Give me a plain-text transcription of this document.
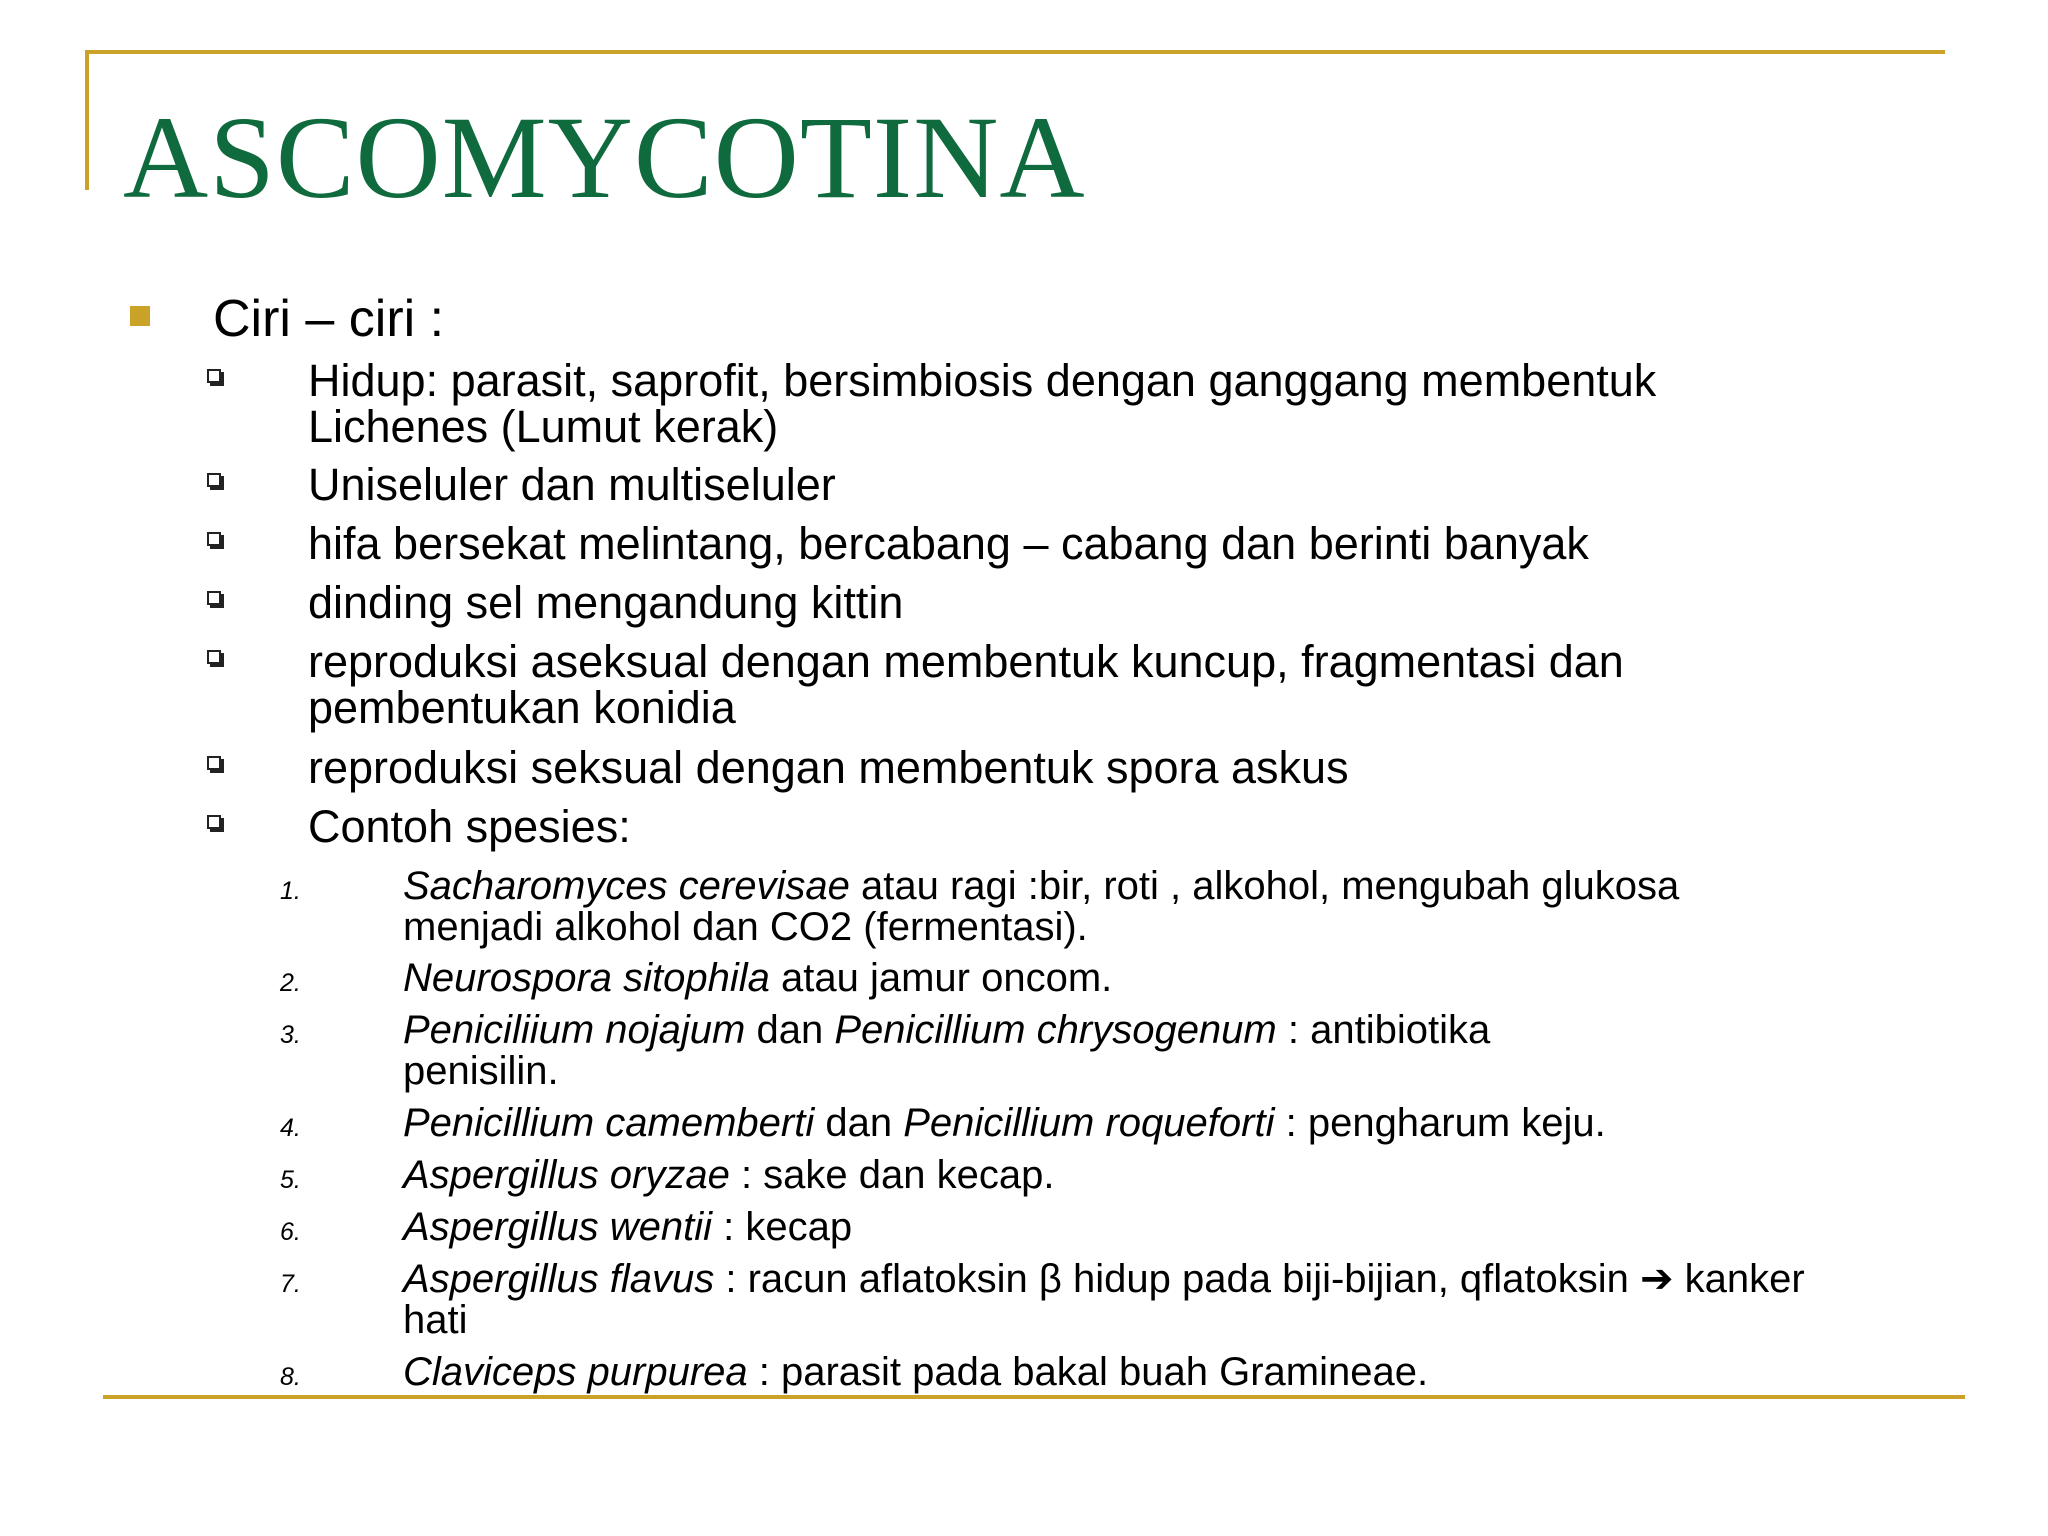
ASCOMYCOTINA
Ciri – ciri :
Hidup: parasit, saprofit, bersimbiosis dengan ganggang membentuk
Lichenes (Lumut kerak)
Uniseluler dan multiseluler
hifa bersekat melintang, bercabang – cabang dan berinti banyak
dinding sel mengandung kittin
reproduksi aseksual dengan membentuk kuncup, fragmentasi dan
pembentukan konidia
reproduksi seksual dengan membentuk spora askus
Contoh spesies:
1.	Sacharomyces cerevisae atau ragi :bir, roti , alkohol, mengubah glukosa
menjadi alkohol dan CO2 (fermentasi).
2.	Neurospora sitophila atau jamur oncom.
3.	Peniciliium nojajum dan Penicillium chrysogenum : antibiotika
penisilin.
4.	Penicillium camemberti dan Penicillium roqueforti : pengharum keju.
5.	Aspergillus oryzae : sake dan kecap.
6.	Aspergillus wentii : kecap
7.	Aspergillus flavus : racun aflatoksin β hidup pada biji-bijian, qflatoksin ➔ kanker
hati
8.	Claviceps purpurea : parasit pada bakal buah Gramineae.
